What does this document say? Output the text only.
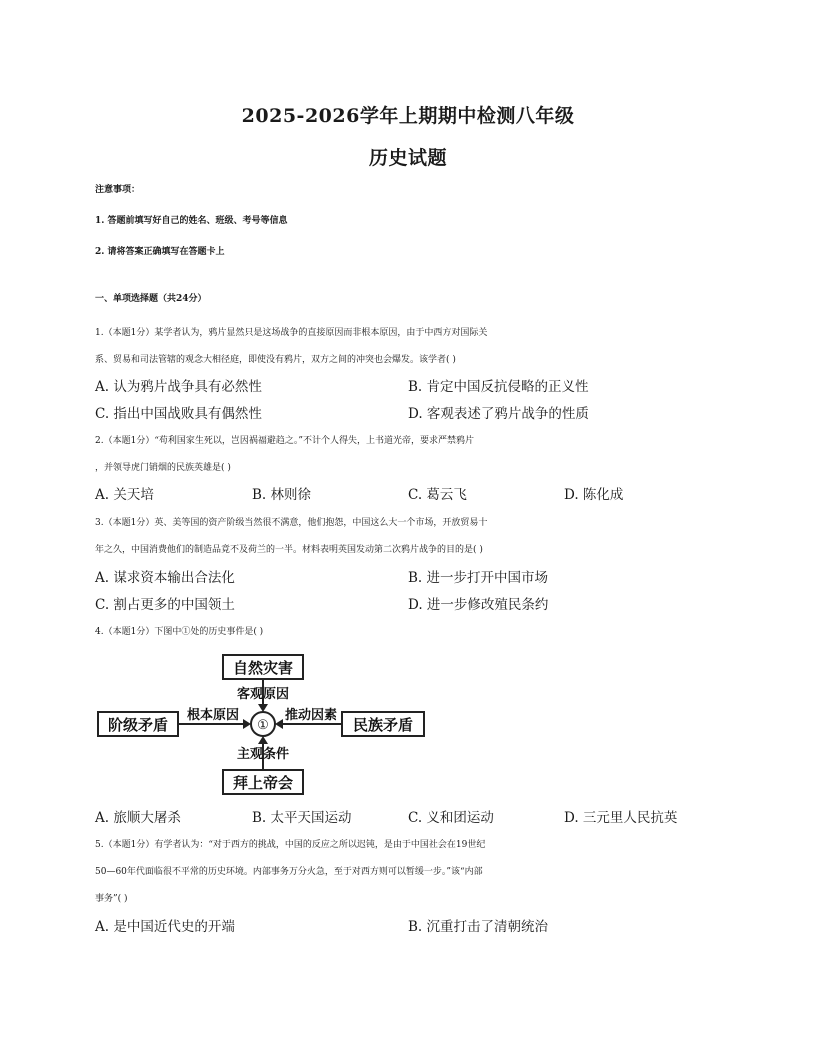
2025-2026学年上期期中检测八年级
历史试题
注意事项：
1. 答题前填写好自己的姓名、班级、考号等信息
2. 请将答案正确填写在答题卡上
一、单项选择题（共24分）
1.（本题1分）某学者认为，鸦片显然只是这场战争的直接原因而非根本原因，由于中西方对国际关
系、贸易和司法管辖的观念大相径庭，即使没有鸦片，双方之间的冲突也会爆发。该学者( )
A. 认为鸦片战争具有必然性	B. 肯定中国反抗侵略的正义性
C. 指出中国战败具有偶然性	D. 客观表述了鸦片战争的性质
2.（本题1分）“苟利国家生死以，岂因祸福避趋之。”不计个人得失，上书道光帝，要求严禁鸦片
，并领导虎门销烟的民族英雄是( )
A. 关天培	B. 林则徐	C. 葛云飞	D. 陈化成
3.（本题1分）英、美等国的资产阶级当然很不满意，他们抱怨，中国这么大一个市场，开放贸易十
年之久，中国消费他们的制造品竟不及荷兰的一半。材料表明英国发动第二次鸦片战争的目的是( )
A. 谋求资本输出合法化	B. 进一步打开中国市场
C. 割占更多的中国领土	D. 进一步修改殖民条约
4.（本题1分）下图中①处的历史事件是( )
自然灾害
拜上帝会
阶级矛盾	民族矛盾
①
客观原因
主观条件
根本原因	推动因素
A. 旅顺大屠杀	B. 太平天国运动	C. 义和团运动	D. 三元里人民抗英
5.（本题1分）有学者认为：“对于西方的挑战，中国的反应之所以迟钝，是由于中国社会在19世纪
50—60年代面临很不平常的历史环境。内部事务万分火急，至于对西方则可以暂缓一步。”该“内部
事务”( )
A. 是中国近代史的开端	B. 沉重打击了清朝统治
